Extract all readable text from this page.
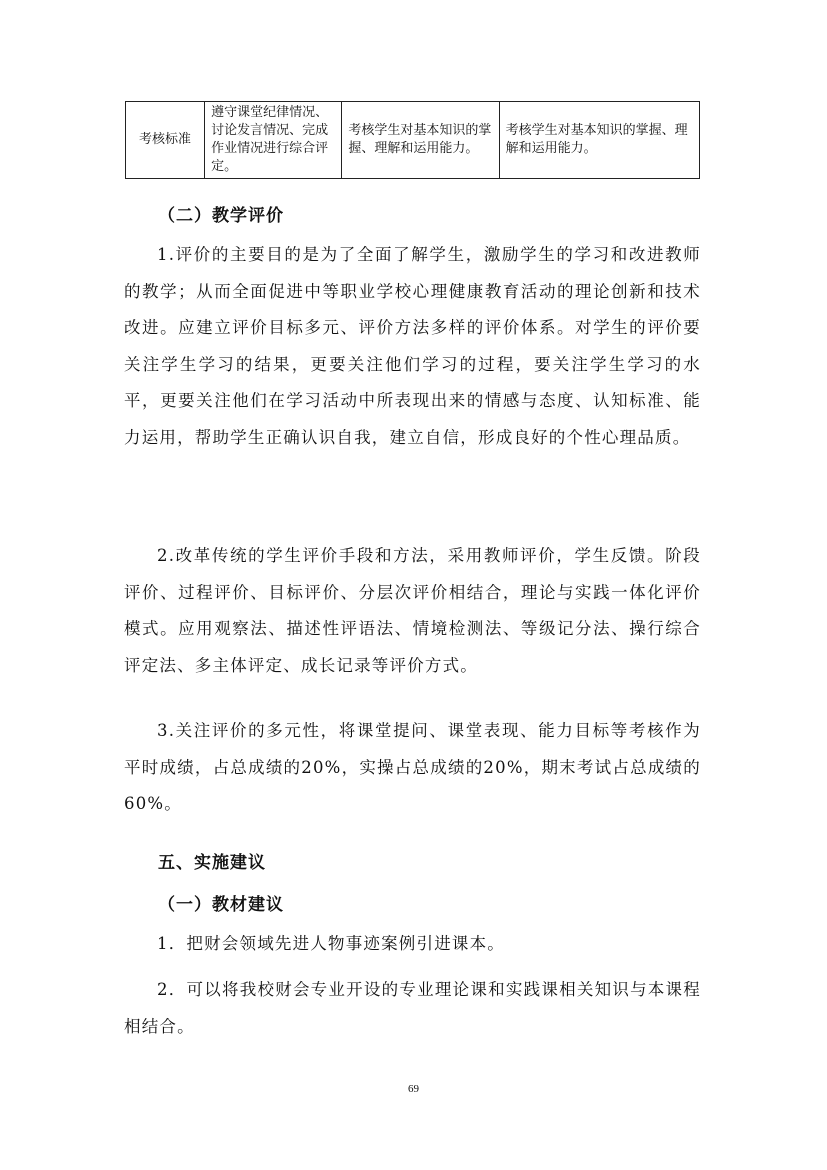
考核标准	遵守课堂纪律情况、讨论发言情况、完成作业情况进行综合评定。	考核学生对基本知识的掌握、理解和运用能力。	考核学生对基本知识的掌握、理解和运用能力。
（二）教学评价
1.评价的主要目的是为了全面了解学生，激励学生的学习和改进教师的教学；从而全面促进中等职业学校心理健康教育活动的理论创新和技术改进。应建立评价目标多元、评价方法多样的评价体系。对学生的评价要关注学生学习的结果，更要关注他们学习的过程，要关注学生学习的水平，更要关注他们在学习活动中所表现出来的情感与态度、认知标准、能力运用，帮助学生正确认识自我，建立自信，形成良好的个性心理品质。
2.改革传统的学生评价手段和方法，采用教师评价，学生反馈。阶段评价、过程评价、目标评价、分层次评价相结合，理论与实践一体化评价模式。应用观察法、描述性评语法、情境检测法、等级记分法、操行综合评定法、多主体评定、成长记录等评价方式。
3.关注评价的多元性，将课堂提问、课堂表现、能力目标等考核作为平时成绩，占总成绩的20%，实操占总成绩的20%，期末考试占总成绩的60%。
五、实施建议
（一）教材建议
1．把财会领域先进人物事迹案例引进课本。
2．可以将我校财会专业开设的专业理论课和实践课相关知识与本课程相结合。
69
